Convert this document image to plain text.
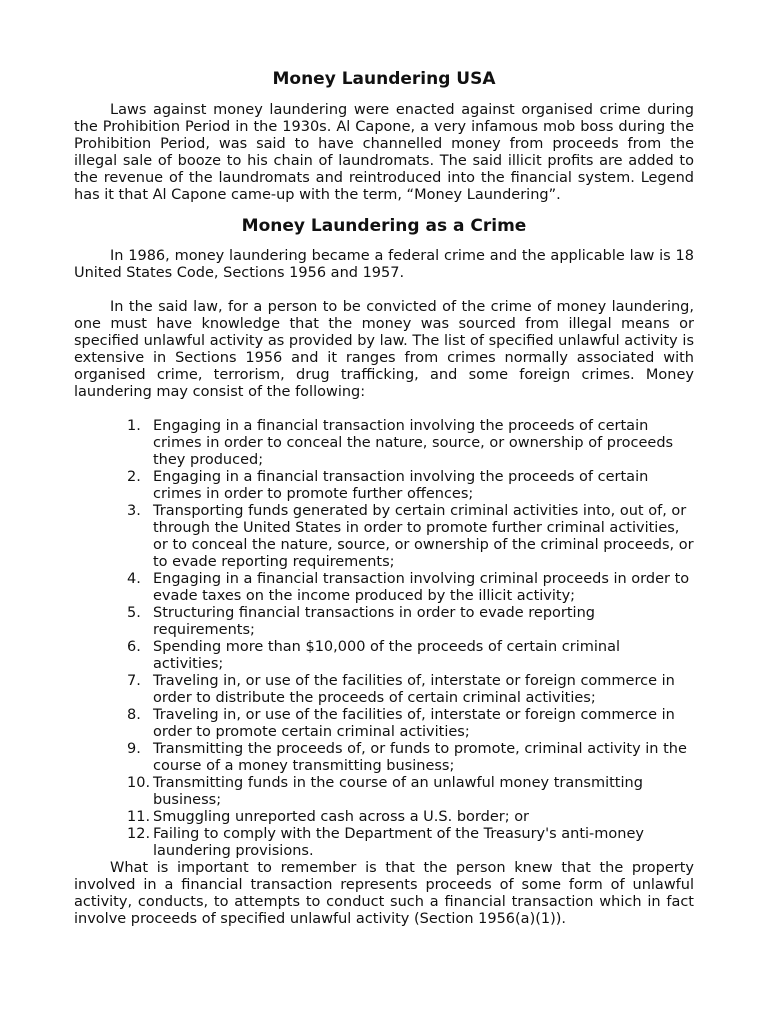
Money Laundering USA

Laws against money laundering were enacted against organised crime during the Prohibition Period in the 1930s. Al Capone, a very infamous mob boss during the Prohibition Period, was said to have channelled money from proceeds from the illegal sale of booze to his chain of laundromats. The said illicit profits are added to the revenue of the laundromats and reintroduced into the financial system. Legend has it that Al Capone came-up with the term, “Money Laundering”.

Money Laundering as a Crime

In 1986, money laundering became a federal crime and the applicable law is 18 United States Code, Sections 1956 and 1957.

In the said law, for a person to be convicted of the crime of money laundering, one must have knowledge that the money was sourced from illegal means or specified unlawful activity as provided by law. The list of specified unlawful activity is extensive in Sections 1956 and it ranges from crimes normally associated with organised crime, terrorism, drug trafficking, and some foreign crimes. Money laundering may consist of the following:

1. Engaging in a financial transaction involving the proceeds of certain crimes in order to conceal the nature, source, or ownership of proceeds they produced;
2. Engaging in a financial transaction involving the proceeds of certain crimes in order to promote further offences;
3. Transporting funds generated by certain criminal activities into, out of, or through the United States in order to promote further criminal activities, or to conceal the nature, source, or ownership of the criminal proceeds, or to evade reporting requirements;
4. Engaging in a financial transaction involving criminal proceeds in order to evade taxes on the income produced by the illicit activity;
5. Structuring financial transactions in order to evade reporting requirements;
6. Spending more than $10,000 of the proceeds of certain criminal activities;
7. Traveling in, or use of the facilities of, interstate or foreign commerce in order to distribute the proceeds of certain criminal activities;
8. Traveling in, or use of the facilities of, interstate or foreign commerce in order to promote certain criminal activities;
9. Transmitting the proceeds of, or funds to promote, criminal activity in the course of a money transmitting business;
10. Transmitting funds in the course of an unlawful money transmitting business;
11. Smuggling unreported cash across a U.S. border; or
12. Failing to comply with the Department of the Treasury's anti-money laundering provisions.

What is important to remember is that the person knew that the property involved in a financial transaction represents proceeds of some form of unlawful activity, conducts, to attempts to conduct such a financial transaction which in fact involve proceeds of specified unlawful activity (Section 1956(a)(1)).
